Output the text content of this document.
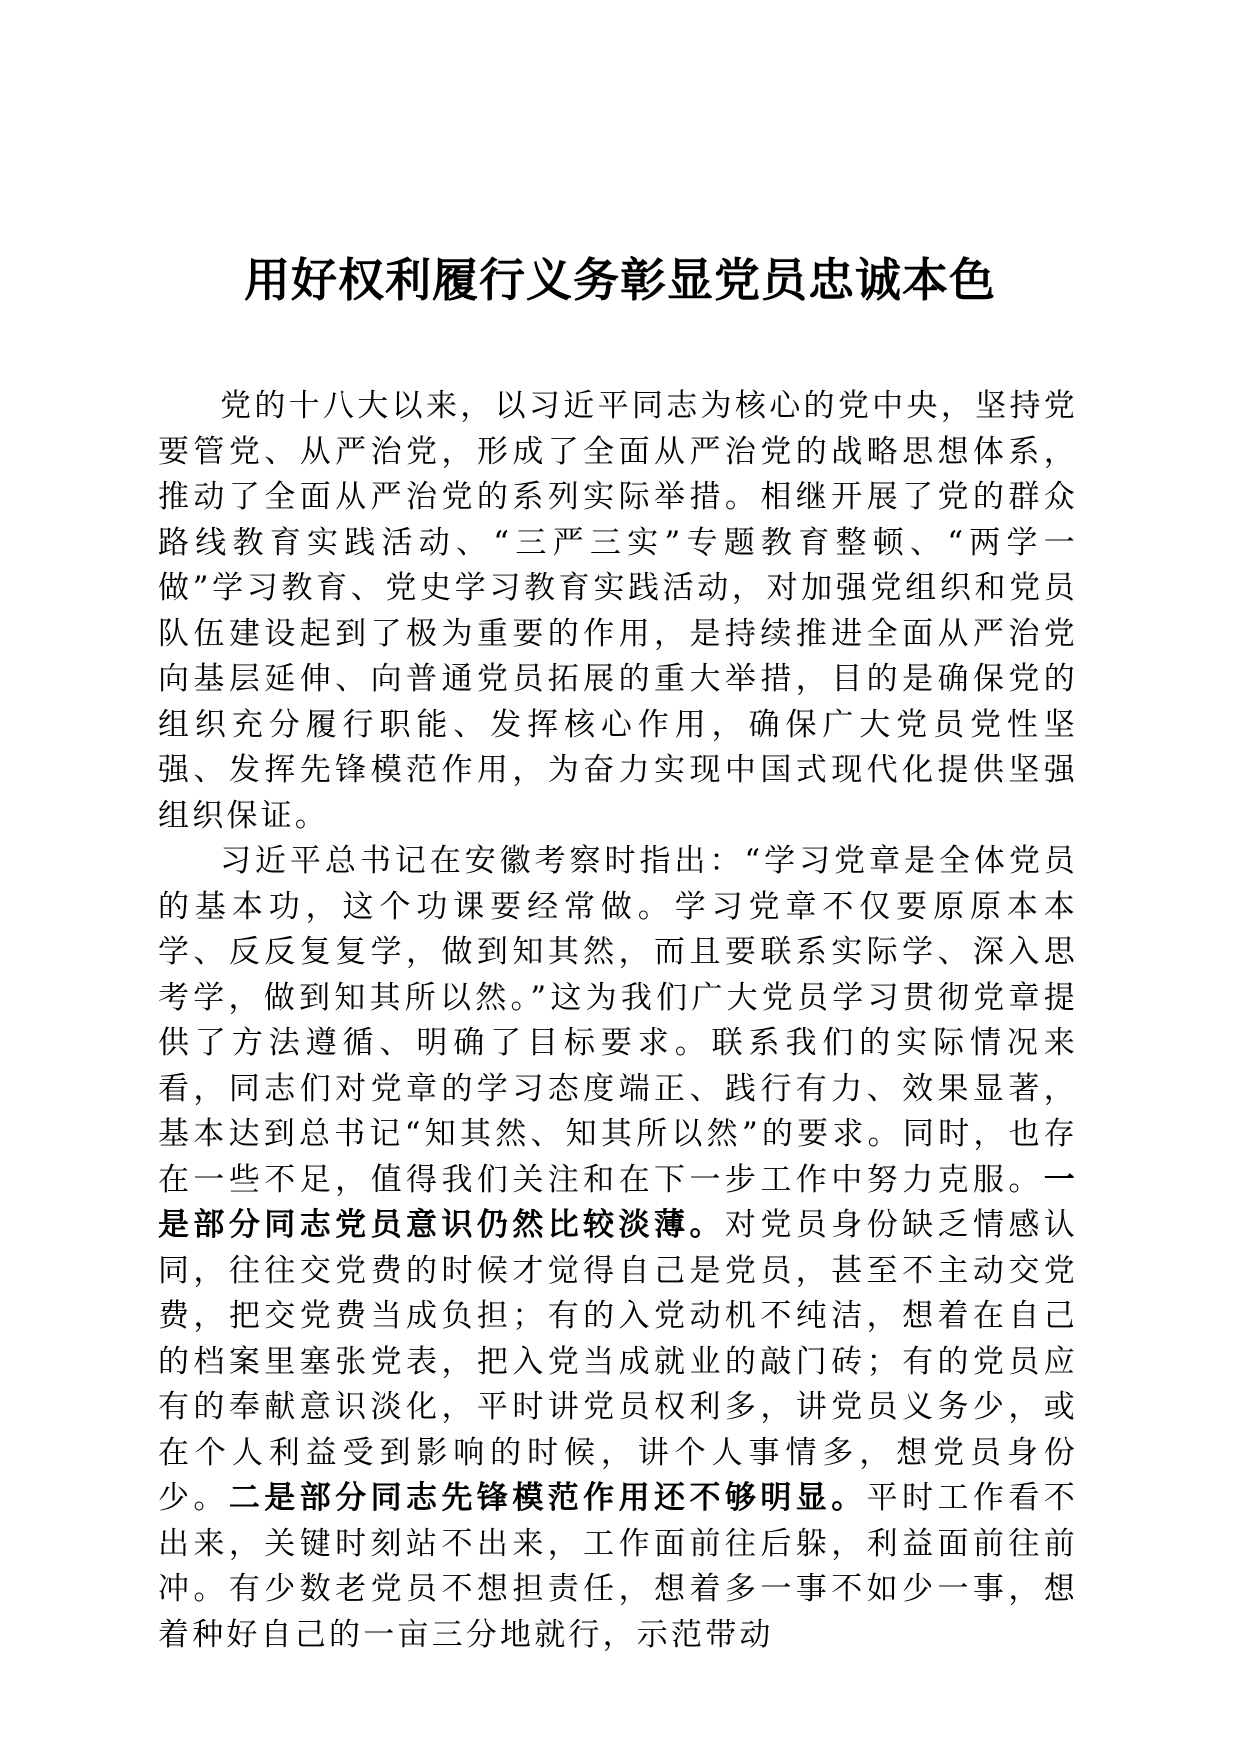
用好权利履行义务彰显党员忠诚本色

党的十八大以来，以习近平同志为核心的党中央，坚持党要管党、从严治党，形成了全面从严治党的战略思想体系，推动了全面从严治党的系列实际举措。相继开展了党的群众路线教育实践活动、“三严三实”专题教育整顿、“两学一做”学习教育、党史学习教育实践活动，对加强党组织和党员队伍建设起到了极为重要的作用，是持续推进全面从严治党向基层延伸、向普通党员拓展的重大举措，目的是确保党的组织充分履行职能、发挥核心作用，确保广大党员党性坚强、发挥先锋模范作用，为奋力实现中国式现代化提供坚强组织保证。

习近平总书记在安徽考察时指出：“学习党章是全体党员的基本功，这个功课要经常做。学习党章不仅要原原本本学、反反复复学，做到知其然，而且要联系实际学、深入思考学，做到知其所以然。”这为我们广大党员学习贯彻党章提供了方法遵循、明确了目标要求。联系我们的实际情况来看，同志们对党章的学习态度端正、践行有力、效果显著，基本达到总书记“知其然、知其所以然”的要求。同时，也存在一些不足，值得我们关注和在下一步工作中努力克服。一是部分同志党员意识仍然比较淡薄。对党员身份缺乏情感认同，往往交党费的时候才觉得自己是党员，甚至不主动交党费，把交党费当成负担；有的入党动机不纯洁，想着在自己的档案里塞张党表，把入党当成就业的敲门砖；有的党员应有的奉献意识淡化，平时讲党员权利多，讲党员义务少，或在个人利益受到影响的时候，讲个人事情多，想党员身份少。二是部分同志先锋模范作用还不够明显。平时工作看不出来，关键时刻站不出来，工作面前往后躲，利益面前往前冲。有少数老党员不想担责任，想着多一事不如少一事，想着种好自己的一亩三分地就行，示范带动
